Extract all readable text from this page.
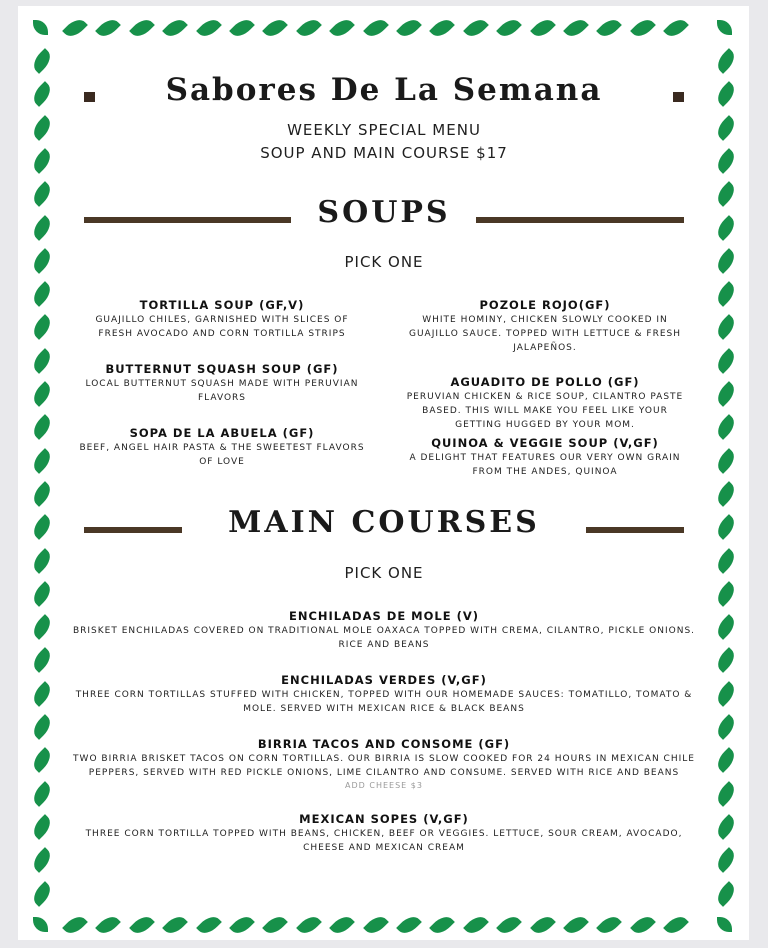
Sabores De La Semana
WEEKLY SPECIAL MENU
SOUP AND MAIN COURSE $17
SOUPS
PICK ONE
TORTILLA SOUP (GF,V)
GUAJILLO CHILES, GARNISHED WITH SLICES OF
FRESH AVOCADO AND CORN TORTILLA STRIPS
BUTTERNUT SQUASH SOUP (GF)
LOCAL BUTTERNUT SQUASH MADE WITH PERUVIAN
FLAVORS
SOPA DE LA ABUELA (GF)
BEEF, ANGEL HAIR PASTA & THE SWEETEST FLAVORS
OF LOVE
POZOLE ROJO(GF)
WHITE HOMINY, CHICKEN SLOWLY COOKED IN
GUAJILLO SAUCE. TOPPED WITH LETTUCE & FRESH
JALAPEÑOS.
AGUADITO DE POLLO (GF)
PERUVIAN CHICKEN & RICE SOUP, CILANTRO PASTE
BASED. THIS WILL MAKE YOU FEEL LIKE YOUR
GETTING HUGGED BY YOUR MOM.
QUINOA & VEGGIE SOUP (V,GF)
A DELIGHT THAT FEATURES OUR VERY OWN GRAIN
FROM THE ANDES, QUINOA
MAIN COURSES
PICK ONE
ENCHILADAS DE MOLE (V)
BRISKET ENCHILADAS COVERED ON TRADITIONAL MOLE OAXACA TOPPED WITH CREMA, CILANTRO, PICKLE ONIONS.
RICE AND BEANS
ENCHILADAS VERDES (V,GF)
THREE CORN TORTILLAS STUFFED WITH CHICKEN, TOPPED WITH OUR HOMEMADE SAUCES: TOMATILLO, TOMATO &
MOLE. SERVED WITH MEXICAN RICE & BLACK BEANS
BIRRIA TACOS AND CONSOME (GF)
TWO BIRRIA BRISKET TACOS ON CORN TORTILLAS. OUR BIRRIA IS SLOW COOKED FOR 24 HOURS IN MEXICAN CHILE
PEPPERS, SERVED WITH RED PICKLE ONIONS, LIME CILANTRO AND CONSUME. SERVED WITH RICE AND BEANS
ADD CHEESE $3
MEXICAN SOPES (V,GF)
THREE CORN TORTILLA TOPPED WITH BEANS, CHICKEN, BEEF OR VEGGIES. LETTUCE, SOUR CREAM, AVOCADO,
CHEESE AND MEXICAN CREAM
